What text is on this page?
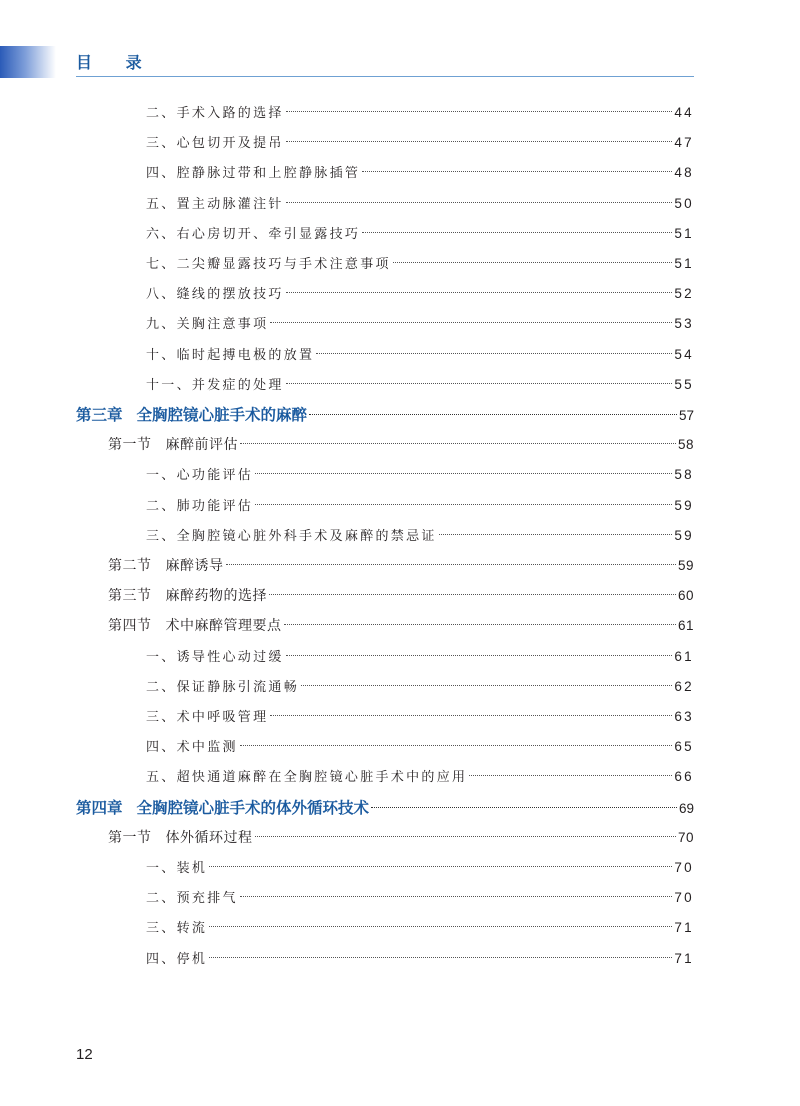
目 录
二、手术入路的选择	44
三、心包切开及提吊	47
四、腔静脉过带和上腔静脉插管	48
五、置主动脉灌注针	50
六、右心房切开、牵引显露技巧	51
七、二尖瓣显露技巧与手术注意事项	51
八、缝线的摆放技巧	52
九、关胸注意事项	53
十、临时起搏电极的放置	54
十一、并发症的处理	55
第三章 全胸腔镜心脏手术的麻醉	57
第一节 麻醉前评估	58
一、心功能评估	58
二、肺功能评估	59
三、全胸腔镜心脏外科手术及麻醉的禁忌证	59
第二节 麻醉诱导	59
第三节 麻醉药物的选择	60
第四节 术中麻醉管理要点	61
一、诱导性心动过缓	61
二、保证静脉引流通畅	62
三、术中呼吸管理	63
四、术中监测	65
五、超快通道麻醉在全胸腔镜心脏手术中的应用	66
第四章 全胸腔镜心脏手术的体外循环技术	69
第一节 体外循环过程	70
一、装机	70
二、预充排气	70
三、转流	71
四、停机	71
12
